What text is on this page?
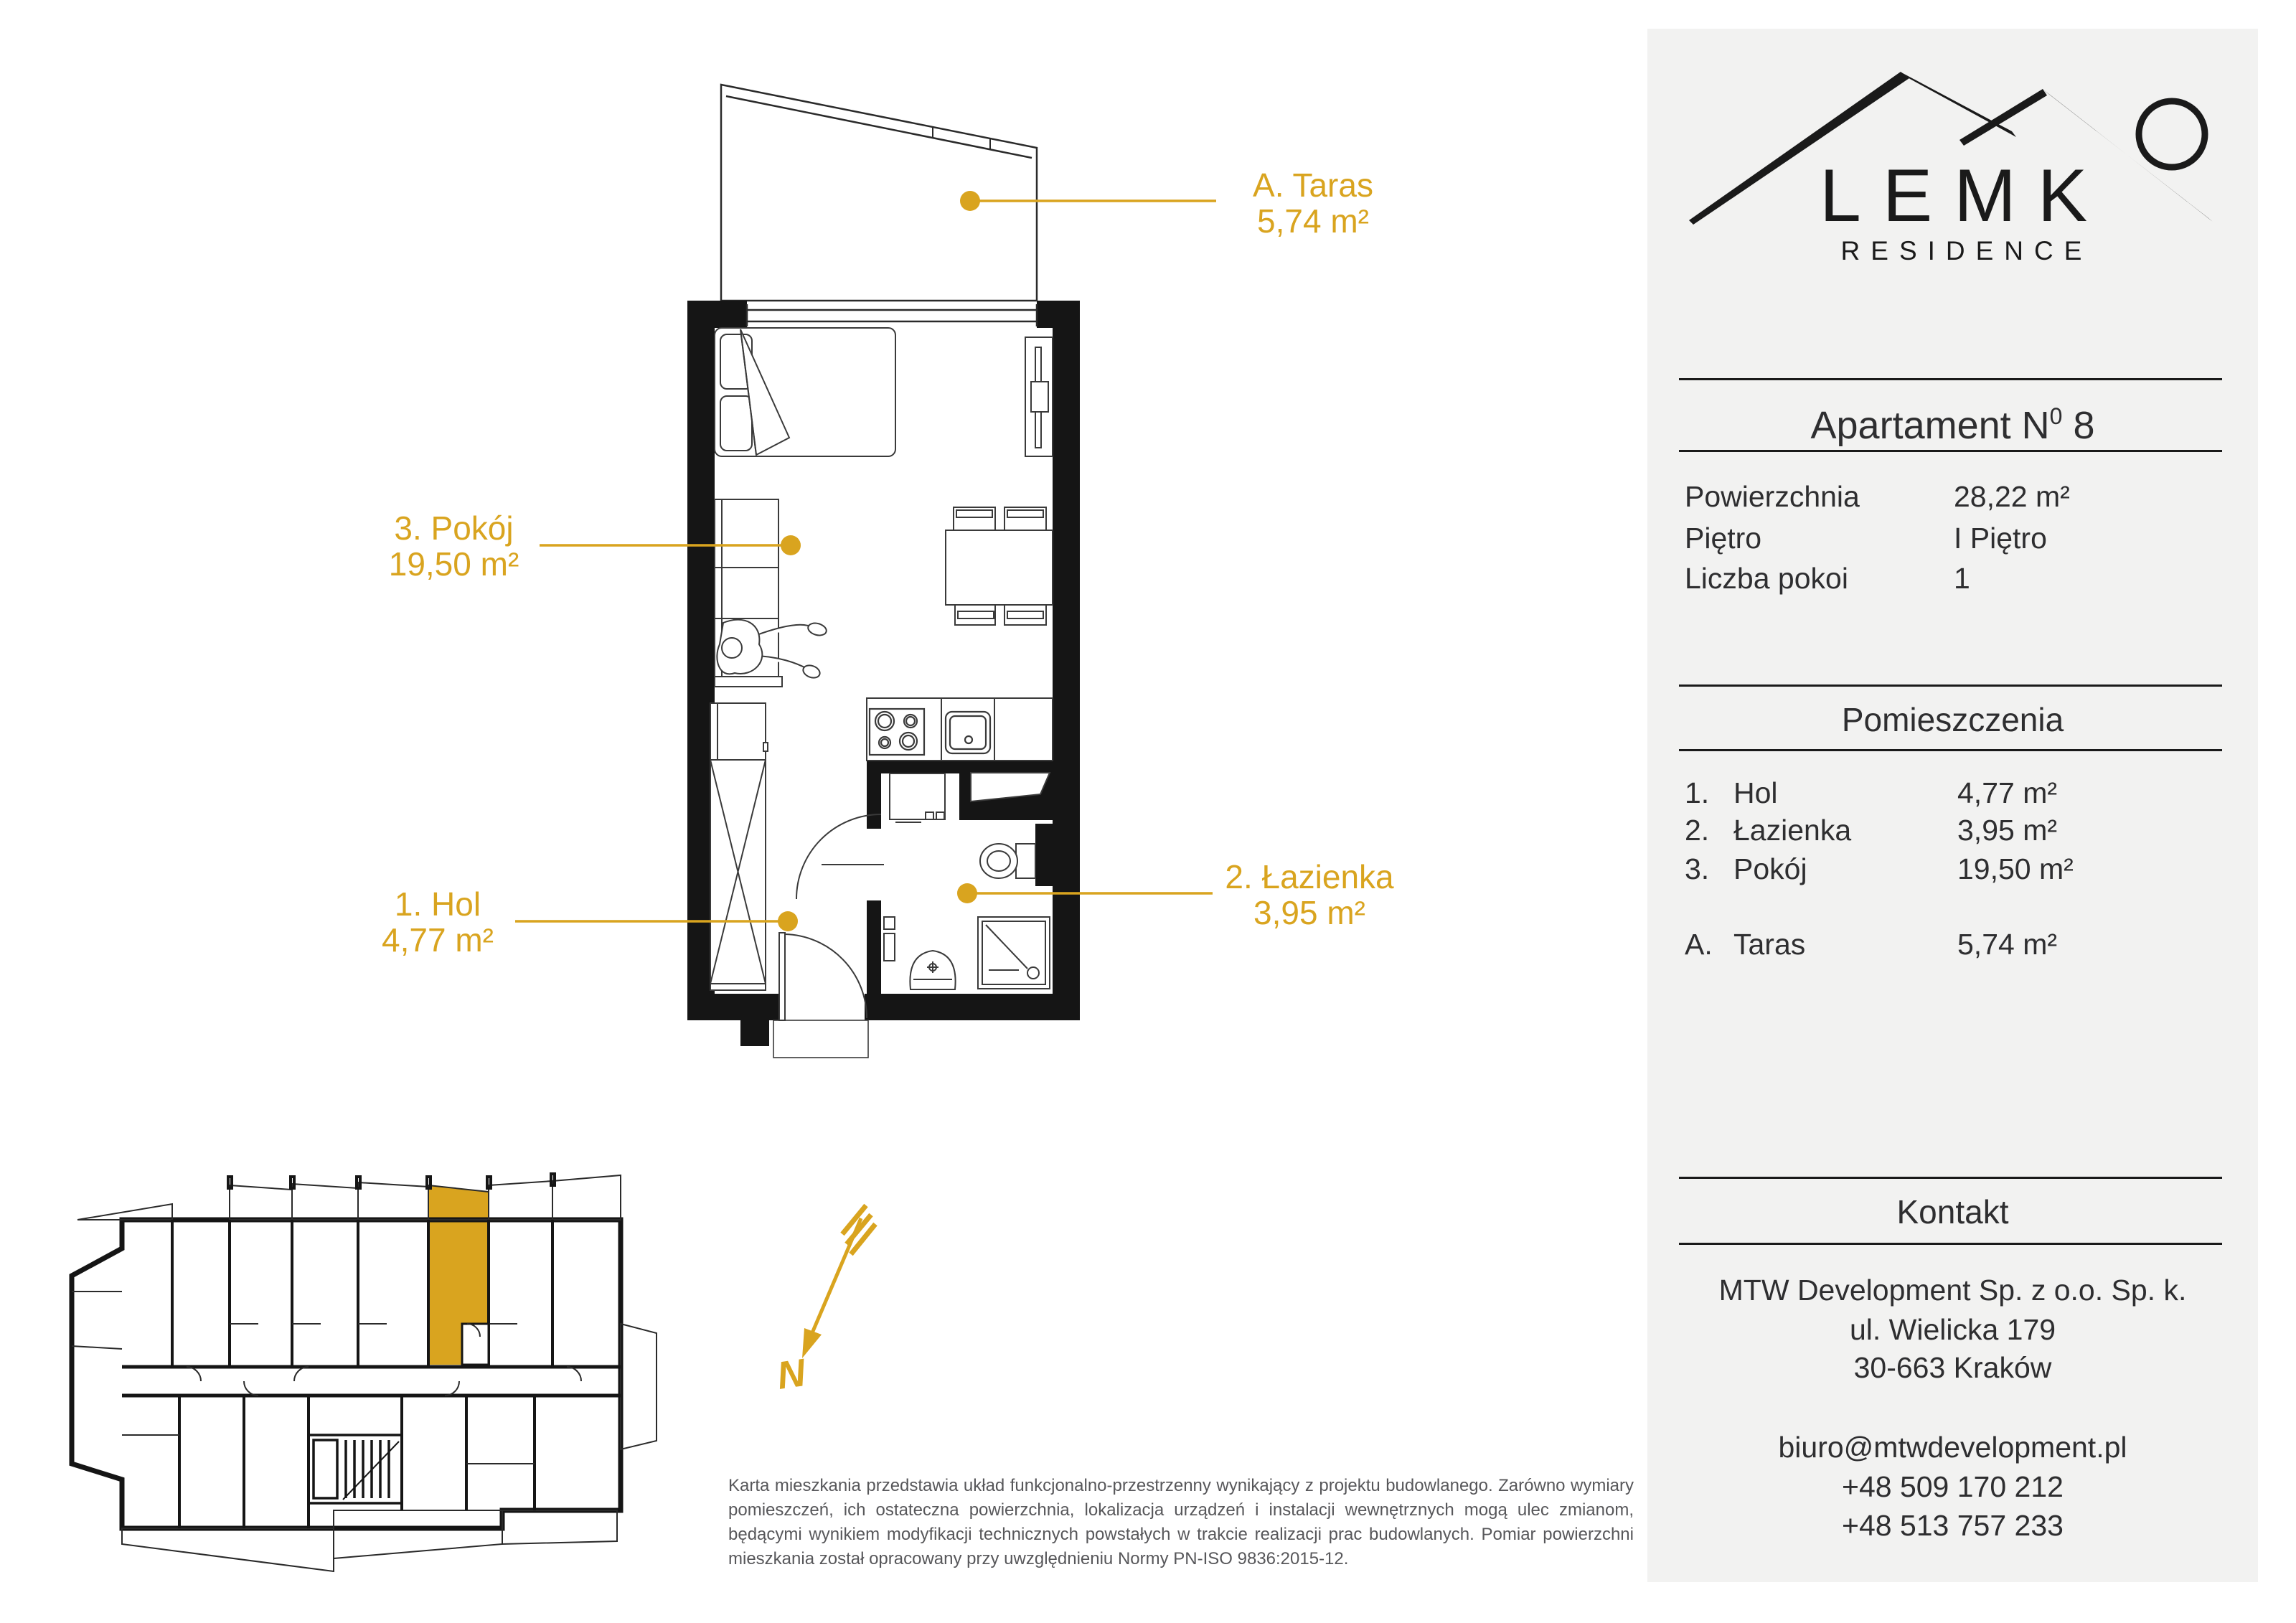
Apartament $N^0$ 8
Powierzchnia	28,22 m²
Piętro	I Piętro
Liczba pokoi	1
Pomieszczenia
1. Hol	4,77 m²
2. Łazienka	3,95 m²
3. Pokój	19,50 m²
A. Taras	5,74 m²
Kontakt
MTW Development Sp. z o.o. Sp. k.
ul. Wielicka 179
30-663 Kraków
biuro@mtwdevelopment.pl
+48 509 170 212
+48 513 757 233
N
LEMK
RESIDENCE
A. Taras
5,74 m²
3. Pokój
19,50 m²
1. Hol
4,77 m²
2. Łazienka
3,95 m²
Karta mieszkania przedstawia układ funkcjonalno-przestrzenny wynikający z projektu budowlanego. Zarówno wymiary pomieszczeń, ich ostateczna powierzchnia, lokalizacja urządzeń i instalacji wewnętrznych mogą ulec zmianom, będącymi wynikiem modyfikacji technicznych powstałych w trakcie realizacji prac budowlanych. Pomiar powierzchni mieszkania został opracowany przy uwzględnieniu Normy PN-ISO 9836:2015-12.
